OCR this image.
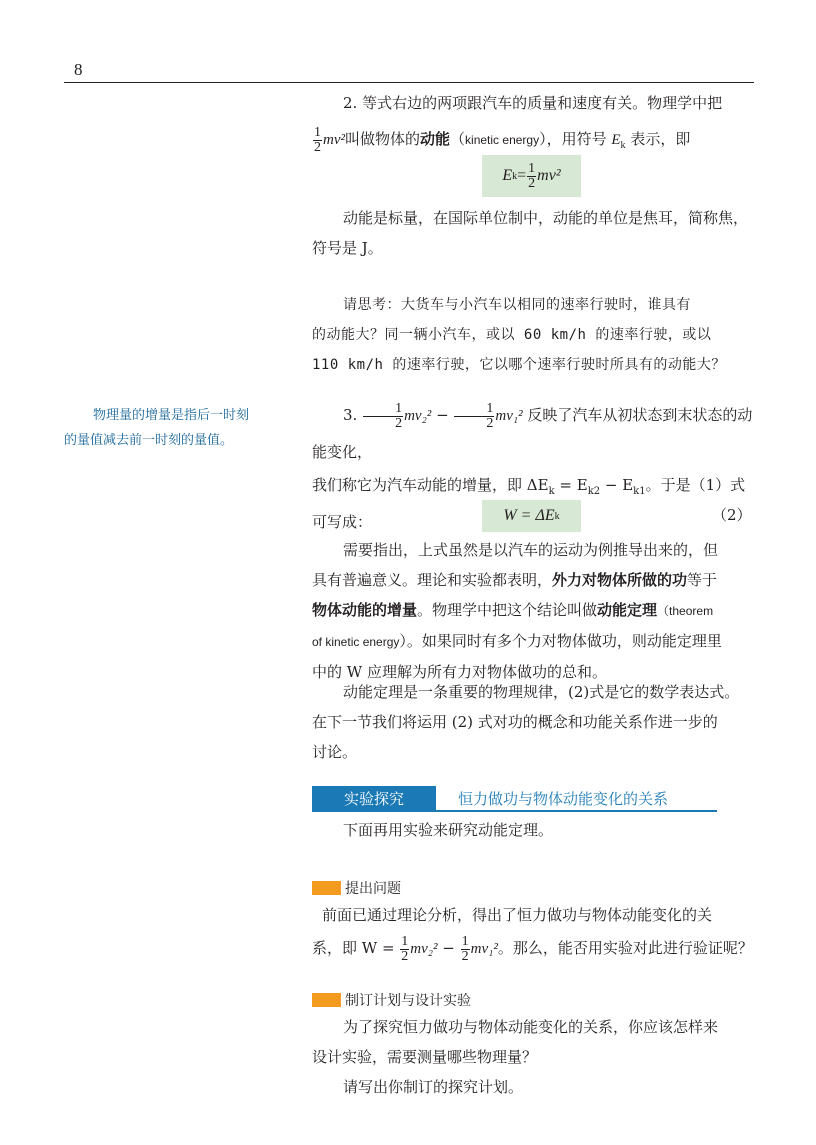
8

2. 等式右边的两项跟汽车的质量和速度有关。物理学中把

$\frac{1}{2} mv^2$叫做物体的动能（kinetic energy），用符号 $E_k$ 表示，即

E $k = \frac{1}{2} mv^2$

动能是标量，在国际单位制中，动能的单位是焦耳，简称焦，

符号是 J。

请思考：大货车与小汽车以相同的速率行驶时，谁具有

的动能大？同一辆小汽车，或以 60 km/h 的速率行驶，或以

110 km/h 的速率行驶，它以哪个速率行驶时所具有的动能大？

物理量的增量是指后一时刻
的量值减去前一时刻的量值。

3. $\frac{1}{2} mv_2^2 - \frac{1}{2} mv_1^2$ 反映了汽车从初状态到末状态的动能变化，

我们称它为汽车动能的增量，即 $\Delta E_k = E_{k2} - E_{k1}$。于是（1）式

可写成：	W = ΔE k	（2）

需要指出，上式虽然是以汽车的运动为例推导出来的，但

具有普遍意义。理论和实验都表明，外力对物体所做的功等于

物体动能的增量。物理学中把这个结论叫做动能定理（theorem

of kinetic energy）。如果同时有多个力对物体做功，则动能定理里

中的 W 应理解为所有力对物体做功的总和。

动能定理是一条重要的物理规律，(2)式是它的数学表达式。

在下一节我们将运用 (2) 式对功的概念和功能关系作进一步的

讨论。

实验探究	恒力做功与物体动能变化的关系

下面再用实验来研究动能定理。

提出问题

前面已通过理论分析，得出了恒力做功与物体动能变化的关

系，即 $W = \frac{1}{2} mv_2^2 - \frac{1}{2} mv_1^2$。那么，能否用实验对此进行验证呢？

制订计划与设计实验

为了探究恒力做功与物体动能变化的关系，你应该怎样来

设计实验，需要测量哪些物理量？

请写出你制订的探究计划。
